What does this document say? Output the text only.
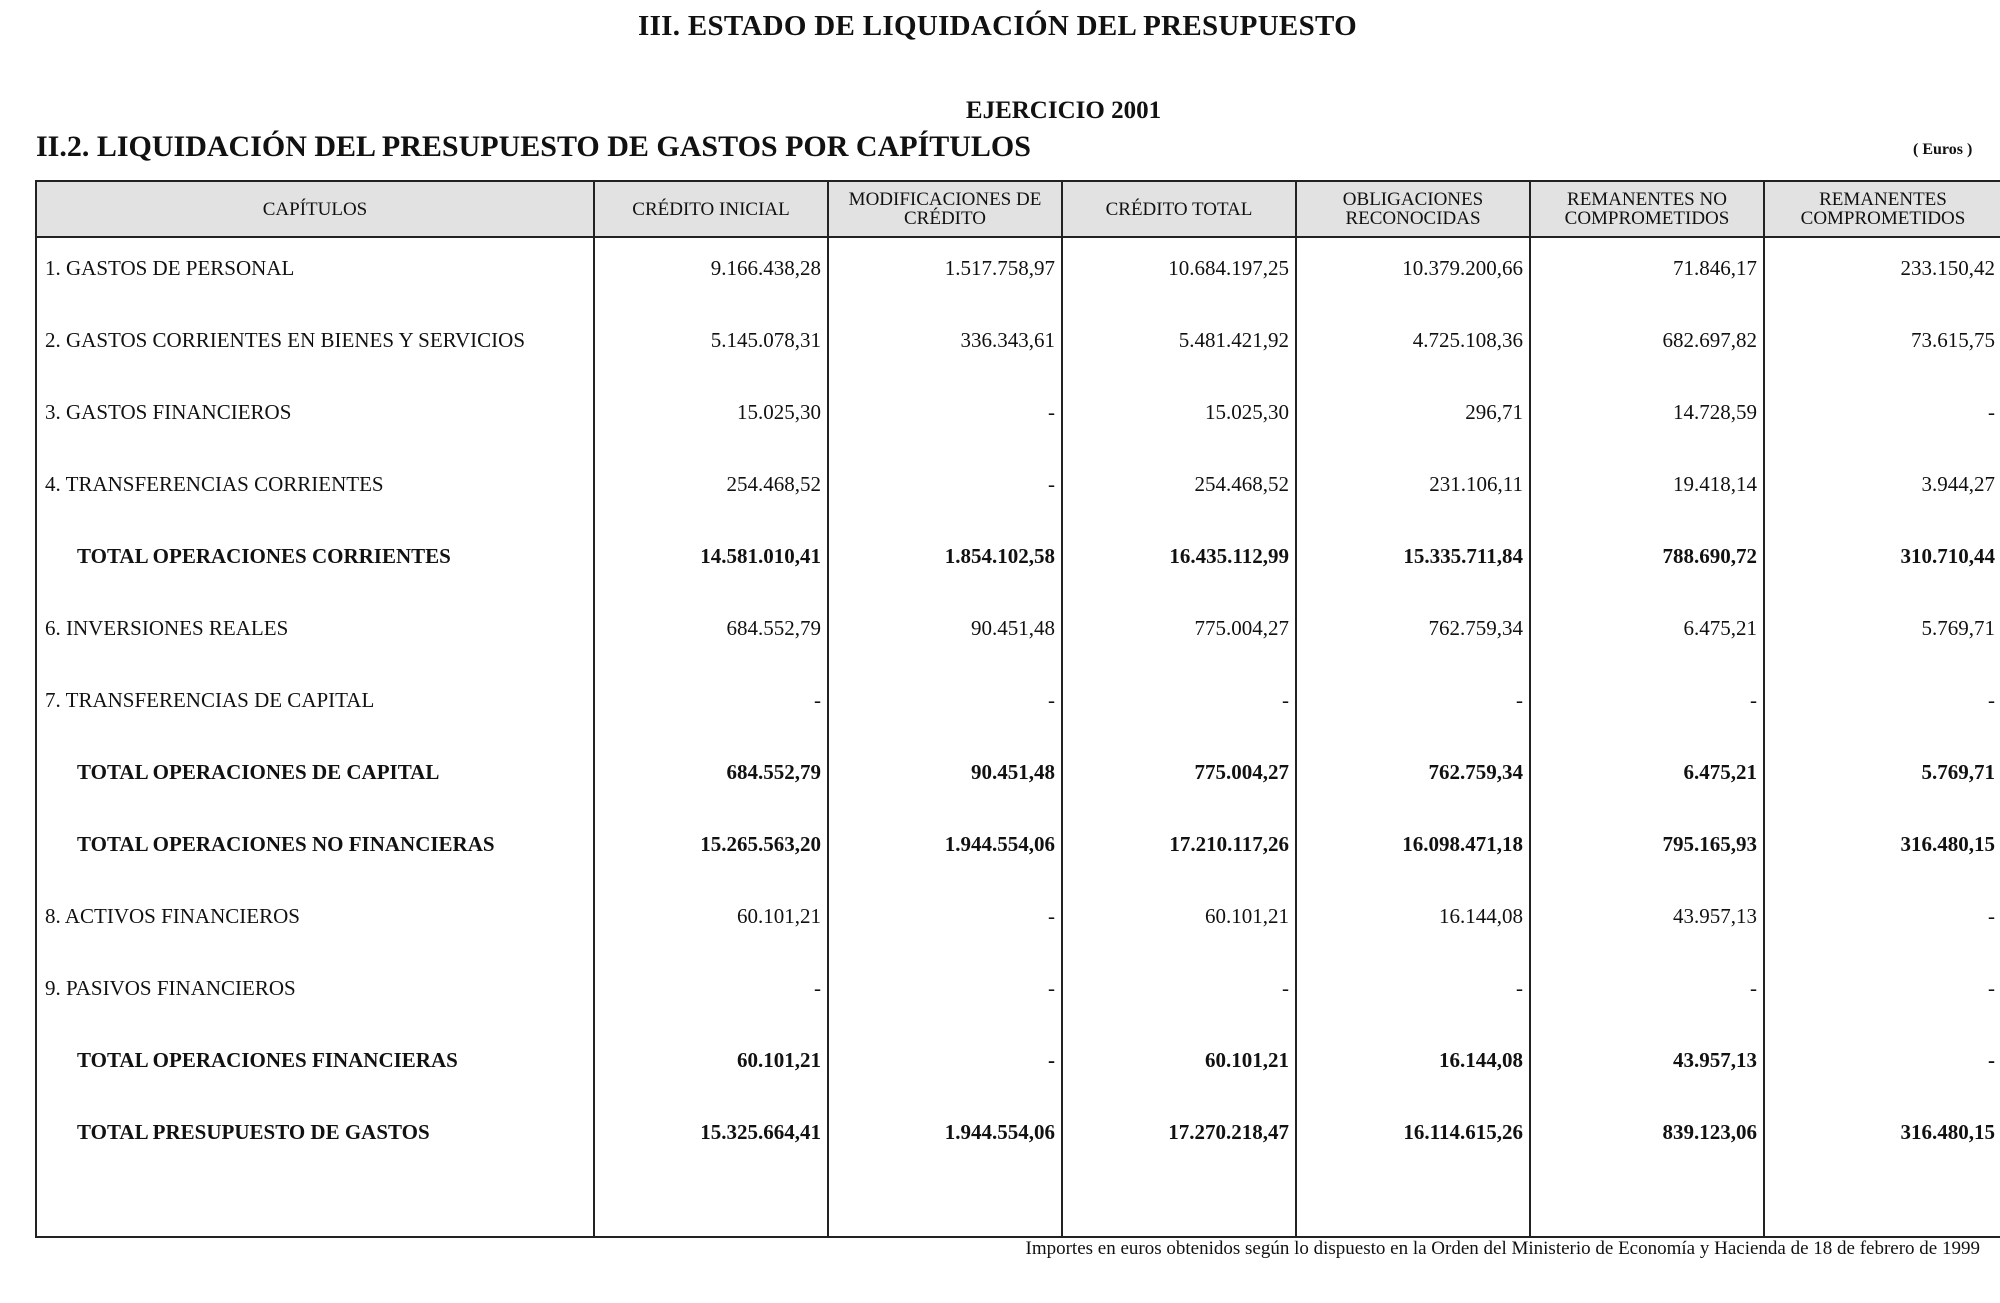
III. ESTADO DE LIQUIDACIÓN DEL PRESUPUESTO
EJERCICIO 2001
II.2. LIQUIDACIÓN DEL PRESUPUESTO DE GASTOS POR CAPÍTULOS	( Euros )
CAPÍTULOS	CRÉDITO INICIAL	MODIFICACIONES DE CRÉDITO	CRÉDITO TOTAL	OBLIGACIONES RECONOCIDAS	REMANENTES NO COMPROMETIDOS	REMANENTES COMPROMETIDOS
1. GASTOS DE PERSONAL	9.166.438,28	1.517.758,97	10.684.197,25	10.379.200,66	71.846,17	233.150,42
2. GASTOS CORRIENTES EN BIENES Y SERVICIOS	5.145.078,31	336.343,61	5.481.421,92	4.725.108,36	682.697,82	73.615,75
3. GASTOS FINANCIEROS	15.025,30	-	15.025,30	296,71	14.728,59	-
4. TRANSFERENCIAS CORRIENTES	254.468,52	-	254.468,52	231.106,11	19.418,14	3.944,27
TOTAL OPERACIONES CORRIENTES	14.581.010,41	1.854.102,58	16.435.112,99	15.335.711,84	788.690,72	310.710,44
6. INVERSIONES REALES	684.552,79	90.451,48	775.004,27	762.759,34	6.475,21	5.769,71
7. TRANSFERENCIAS DE CAPITAL	-	-	-	-	-	-
TOTAL OPERACIONES DE CAPITAL	684.552,79	90.451,48	775.004,27	762.759,34	6.475,21	5.769,71
TOTAL OPERACIONES NO FINANCIERAS	15.265.563,20	1.944.554,06	17.210.117,26	16.098.471,18	795.165,93	316.480,15
8. ACTIVOS FINANCIEROS	60.101,21	-	60.101,21	16.144,08	43.957,13	-
9. PASIVOS FINANCIEROS	-	-	-	-	-	-
TOTAL OPERACIONES FINANCIERAS	60.101,21	-	60.101,21	16.144,08	43.957,13	-
TOTAL PRESUPUESTO DE GASTOS	15.325.664,41	1.944.554,06	17.270.218,47	16.114.615,26	839.123,06	316.480,15

Importes en euros obtenidos según lo dispuesto en la Orden del Ministerio de Economía y Hacienda de 18 de febrero de 1999
